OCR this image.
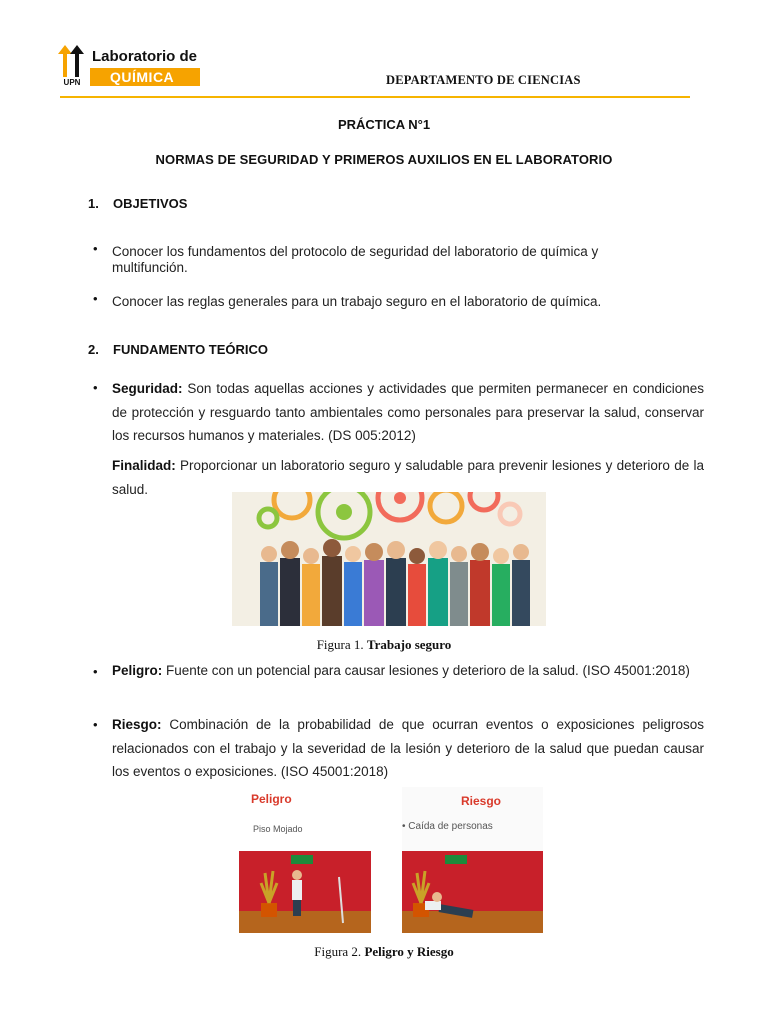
UPN
Laboratorio de
QUÍMICA	DEPARTAMENTO DE CIENCIAS
PRÁCTICA N°1
NORMAS DE SEGURIDAD Y PRIMEROS AUXILIOS EN EL LABORATORIO
1. OBJETIVOS
• Conocer los fundamentos del protocolo de seguridad del laboratorio de química y multifunción.
• Conocer las reglas generales para un trabajo seguro en el laboratorio de química.
2. FUNDAMENTO TEÓRICO
• Seguridad: Son todas aquellas acciones y actividades que permiten permanecer en condiciones de protección y resguardo tanto ambientales como personales para preservar la salud, conservar los recursos humanos y materiales. (DS 005:2012)
Finalidad: Proporcionar un laboratorio seguro y saludable para prevenir lesiones y deterioro de la salud.
Figura 1. Trabajo seguro
• Peligro: Fuente con un potencial para causar lesiones y deterioro de la salud. (ISO 45001:2018)
• Riesgo: Combinación de la probabilidad de que ocurran eventos o exposiciones peligrosos relacionados con el trabajo y la severidad de la lesión y deterioro de la salud que puedan causar los eventos o exposiciones. (ISO 45001:2018)
Peligro
Piso Mojado
Riesgo
• Caída de personas
Figura 2. Peligro y Riesgo
